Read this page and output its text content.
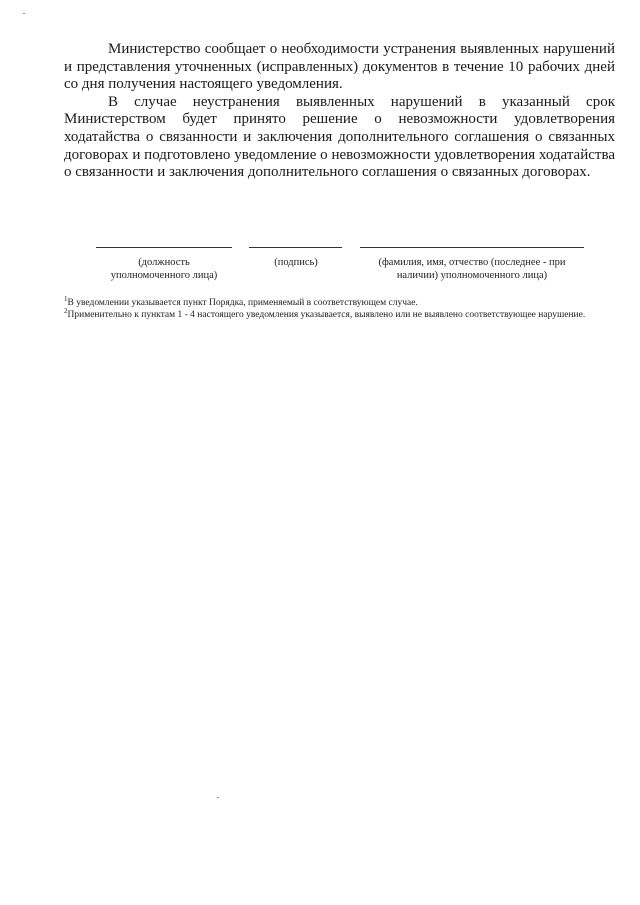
Министерство сообщает о необходимости устранения выявленных нарушений и представления уточненных (исправленных) документов в течение 10 рабочих дней со дня получения настоящего уведомления.

В случае неустранения выявленных нарушений в указанный срок Министерством будет принято решение о невозможности удовлетворения ходатайства о связанности и заключения дополнительного соглашения о связанных договорах и подготовлено уведомление о невозможности удовлетворения ходатайства о связанности и заключения дополнительного соглашения о связанных договорах.

(должность уполномоченного лица)
(подпись)	(фамилия, имя, отчество (последнее - при наличии) уполномоченного лица)

$^1$В уведомлении указывается пункт Порядка, применяемый в соответствующем случае.

$^2$Применительно к пунктам 1 - 4 настоящего уведомления указывается, выявлено или не выявлено соответствующее нарушение.
